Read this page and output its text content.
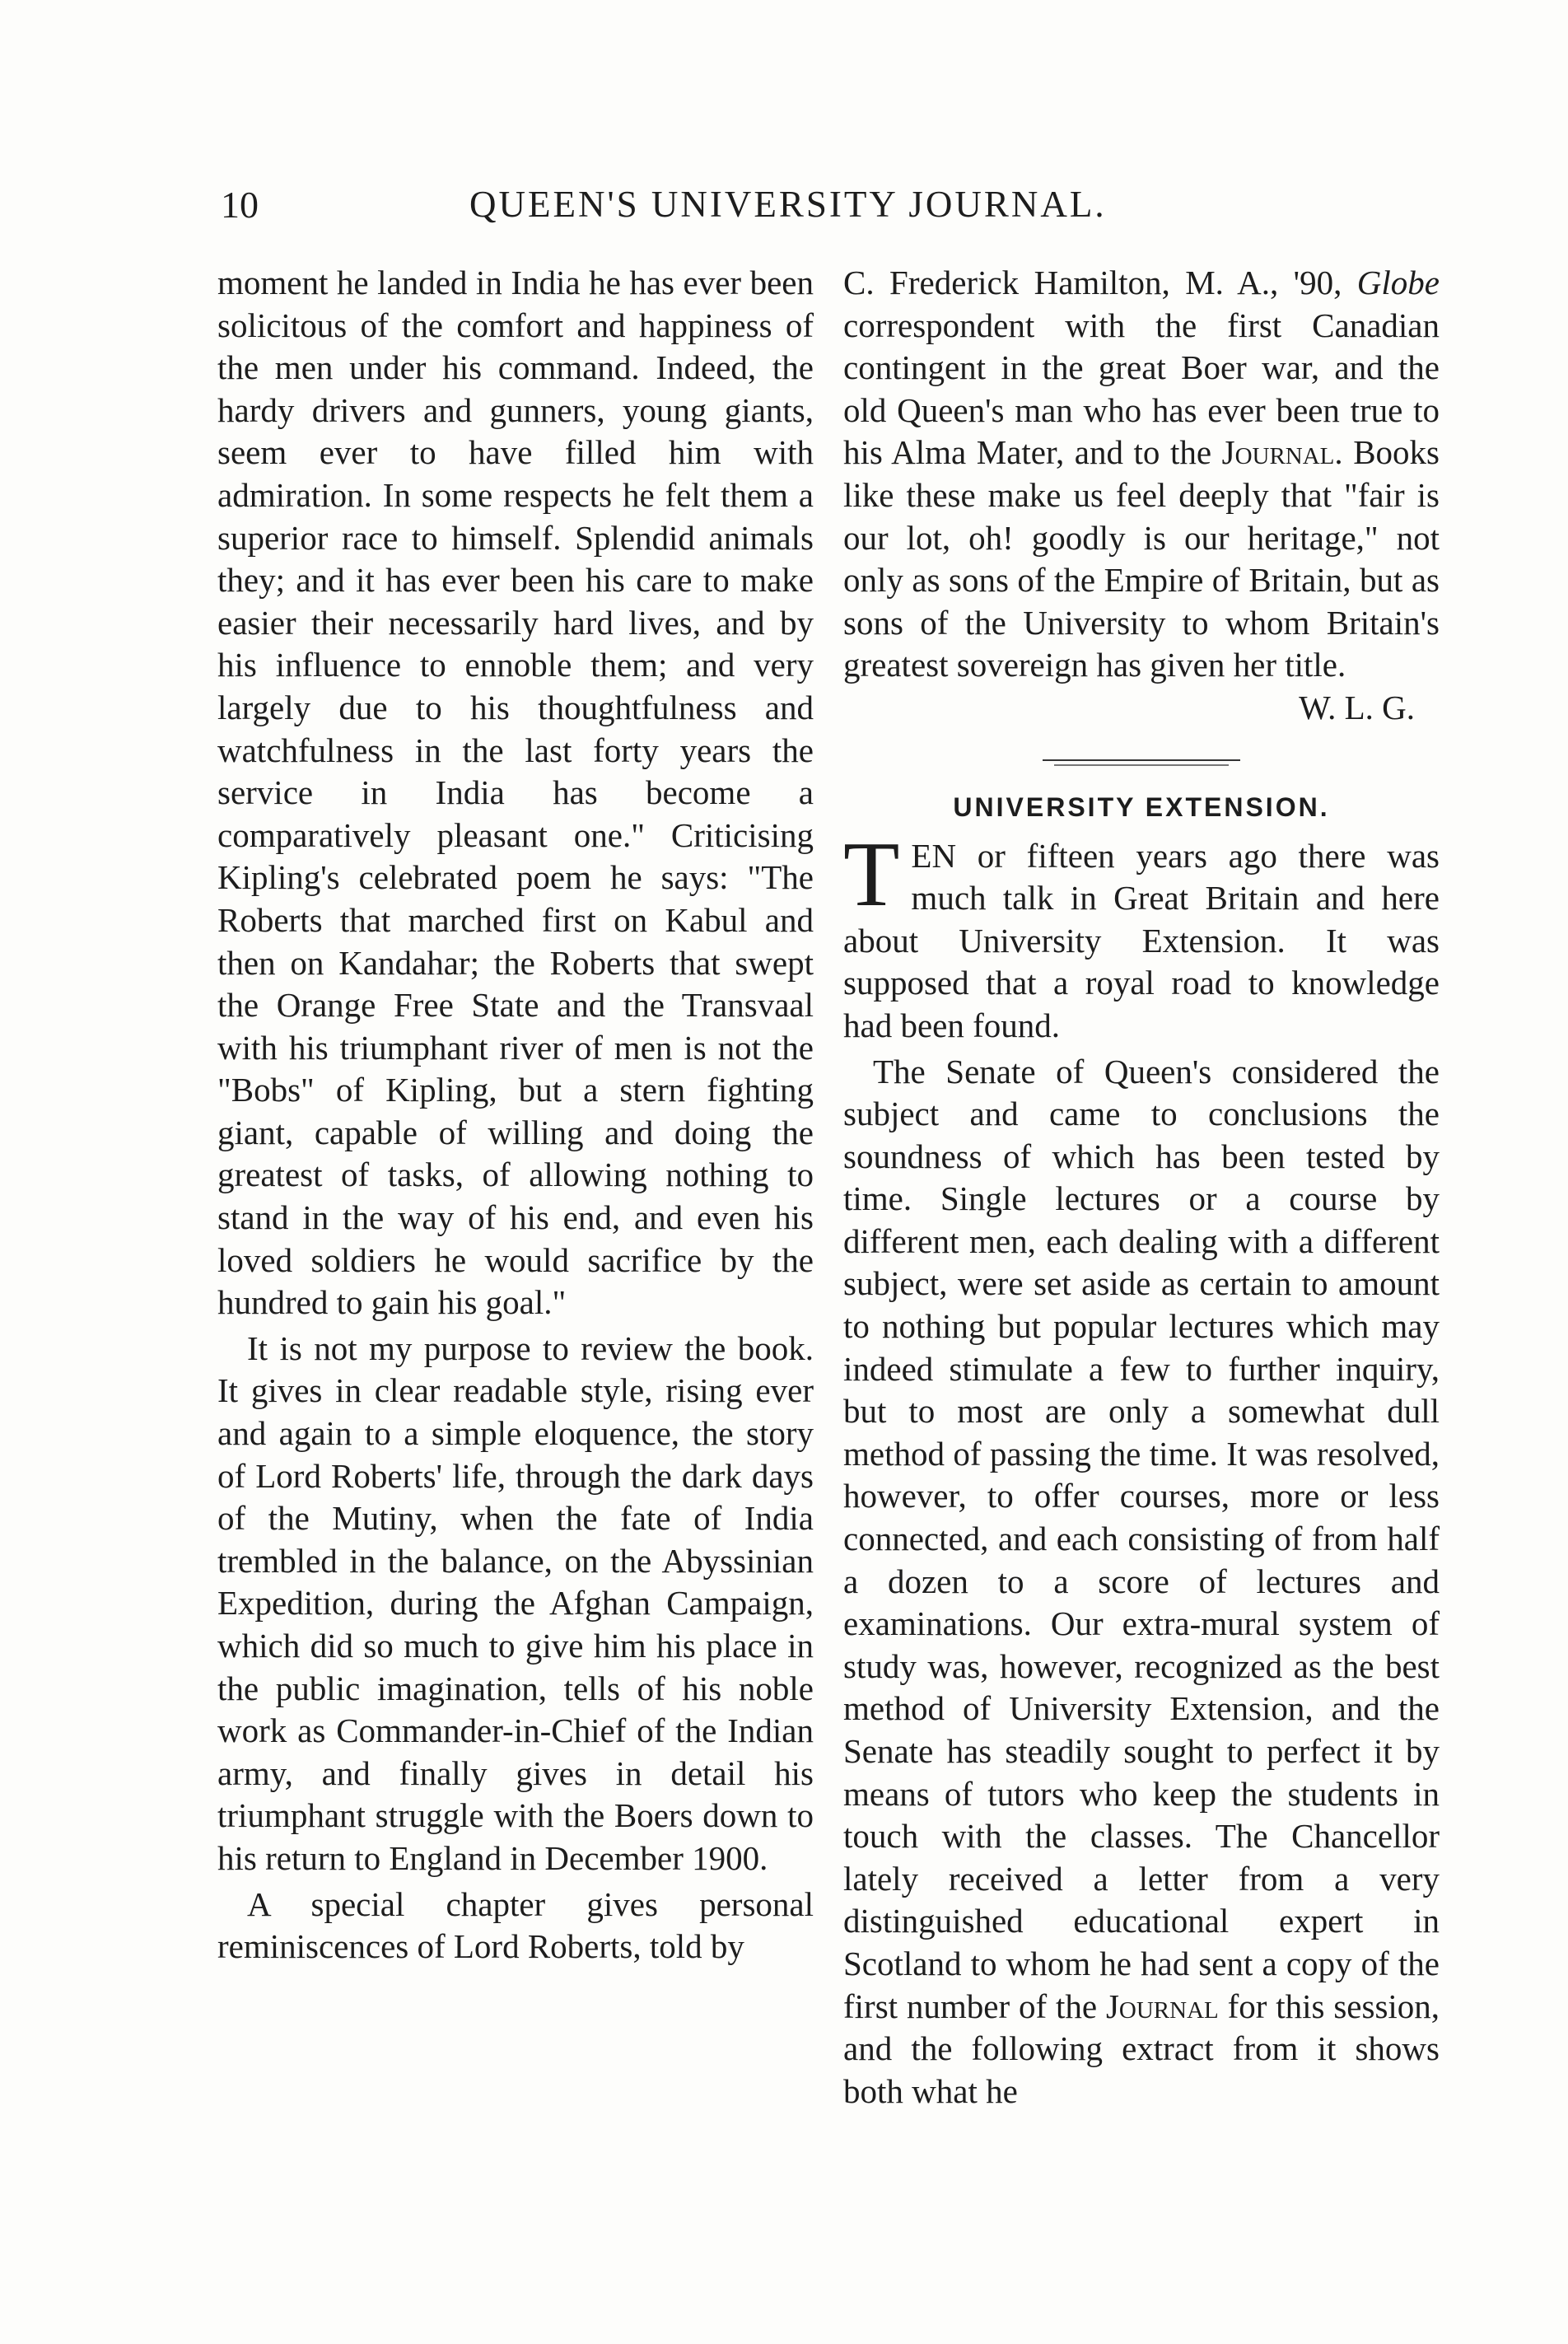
10	QUEEN'S UNIVERSITY JOURNAL.

moment he landed in India he has ever been solicitous of the comfort and happiness of the men under his command. Indeed, the hardy drivers and gunners, young giants, seem ever to have filled him with admiration. In some respects he felt them a superior race to himself. Splendid animals they; and it has ever been his care to make easier their necessarily hard lives, and by his influence to ennoble them; and very largely due to his thoughtfulness and watchfulness in the last forty years the service in India has become a comparatively pleasant one." Criticising Kipling's celebrated poem he says: "The Roberts that marched first on Kabul and then on Kandahar; the Roberts that swept the Orange Free State and the Transvaal with his triumphant river of men is not the "Bobs" of Kipling, but a stern fighting giant, capable of willing and doing the greatest of tasks, of allowing nothing to stand in the way of his end, and even his loved soldiers he would sacrifice by the hundred to gain his goal."

It is not my purpose to review the book. It gives in clear readable style, rising ever and again to a simple eloquence, the story of Lord Roberts' life, through the dark days of the Mutiny, when the fate of India trembled in the balance, on the Abyssinian Expedition, during the Afghan Campaign, which did so much to give him his place in the public imagination, tells of his noble work as Commander-in-Chief of the Indian army, and finally gives in detail his triumphant struggle with the Boers down to his return to England in December 1900.

A special chapter gives personal reminiscences of Lord Roberts, told by

C. Frederick Hamilton, M. A., '90, Globe correspondent with the first Canadian contingent in the great Boer war, and the old Queen's man who has ever been true to his Alma Mater, and to the Journal. Books like these make us feel deeply that "fair is our lot, oh! goodly is our heritage," not only as sons of the Empire of Britain, but as sons of the University to whom Britain's greatest sovereign has given her title.

W. L. G.

UNIVERSITY EXTENSION.

TEN or fifteen years ago there was much talk in Great Britain and here about University Extension. It was supposed that a royal road to knowledge had been found.

The Senate of Queen's considered the subject and came to conclusions the soundness of which has been tested by time. Single lectures or a course by different men, each dealing with a different subject, were set aside as certain to amount to nothing but popular lectures which may indeed stimulate a few to further inquiry, but to most are only a somewhat dull method of passing the time. It was resolved, however, to offer courses, more or less connected, and each consisting of from half a dozen to a score of lectures and examinations. Our extra-mural system of study was, however, recognized as the best method of University Extension, and the Senate has steadily sought to perfect it by means of tutors who keep the students in touch with the classes. The Chancellor lately received a letter from a very distinguished educational expert in Scotland to whom he had sent a copy of the first number of the Journal for this session, and the following extract from it shows both what he
